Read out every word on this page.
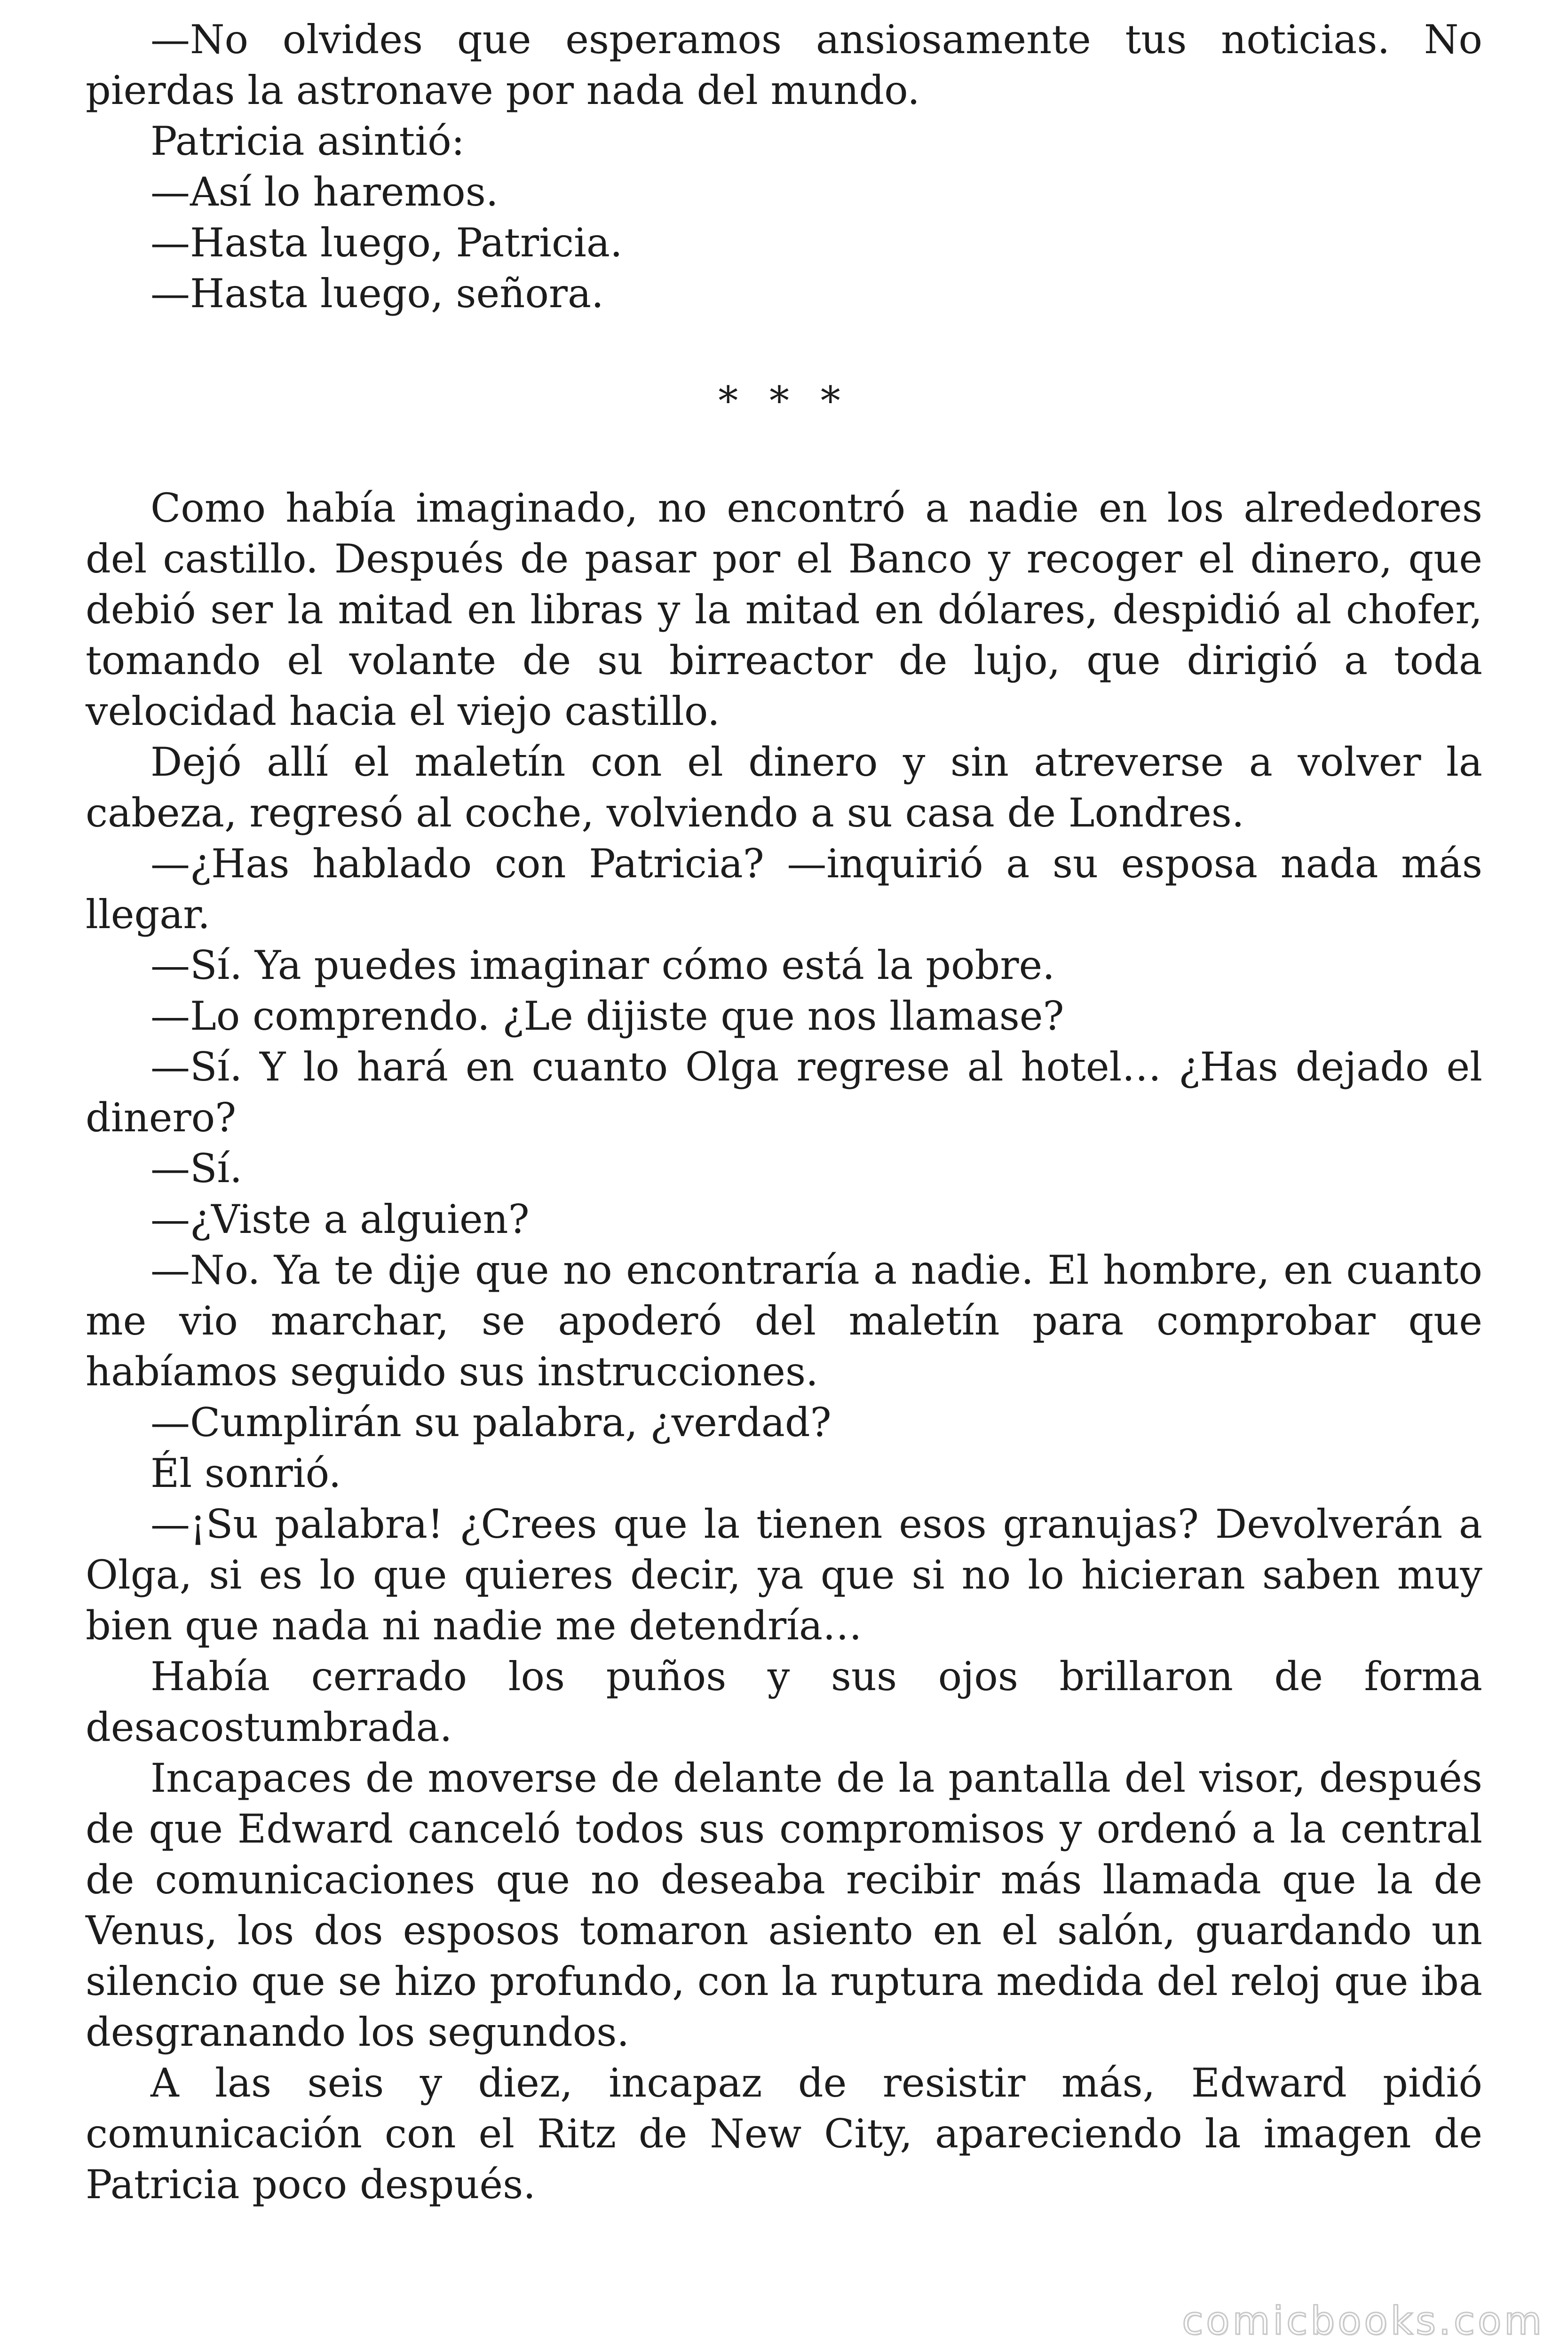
—No olvides que esperamos ansiosamente tus noticias. No pierdas la astronave por nada del mundo.

Patricia asintió:

—Así lo haremos.

—Hasta luego, Patricia.

—Hasta luego, señora.

* * *

Como había imaginado, no encontró a nadie en los alrededores del castillo. Después de pasar por el Banco y recoger el dinero, que debió ser la mitad en libras y la mitad en dólares, despidió al chofer, tomando el volante de su birreactor de lujo, que dirigió a toda velocidad hacia el viejo castillo.

Dejó allí el maletín con el dinero y sin atreverse a volver la cabeza, regresó al coche, volviendo a su casa de Londres.

—¿Has hablado con Patricia? —inquirió a su esposa nada más llegar.

—Sí. Ya puedes imaginar cómo está la pobre.

—Lo comprendo. ¿Le dijiste que nos llamase?

—Sí. Y lo hará en cuanto Olga regrese al hotel… ¿Has dejado el dinero?

—Sí.

—¿Viste a alguien?

—No. Ya te dije que no encontraría a nadie. El hombre, en cuanto me vio marchar, se apoderó del maletín para comprobar que habíamos seguido sus instrucciones.

—Cumplirán su palabra, ¿verdad?

Él sonrió.

—¡Su palabra! ¿Crees que la tienen esos granujas? Devolverán a Olga, si es lo que quieres decir, ya que si no lo hicieran saben muy bien que nada ni nadie me detendría…

Había cerrado los puños y sus ojos brillaron de forma desacostumbrada.

Incapaces de moverse de delante de la pantalla del visor, después de que Edward canceló todos sus compromisos y ordenó a la central de comunicaciones que no deseaba recibir más llamada que la de Venus, los dos esposos tomaron asiento en el salón, guardando un silencio que se hizo profundo, con la ruptura medida del reloj que iba desgranando los segundos.

A las seis y diez, incapaz de resistir más, Edward pidió comunicación con el Ritz de New City, apareciendo la imagen de Patricia poco después.

comicbooks.com
